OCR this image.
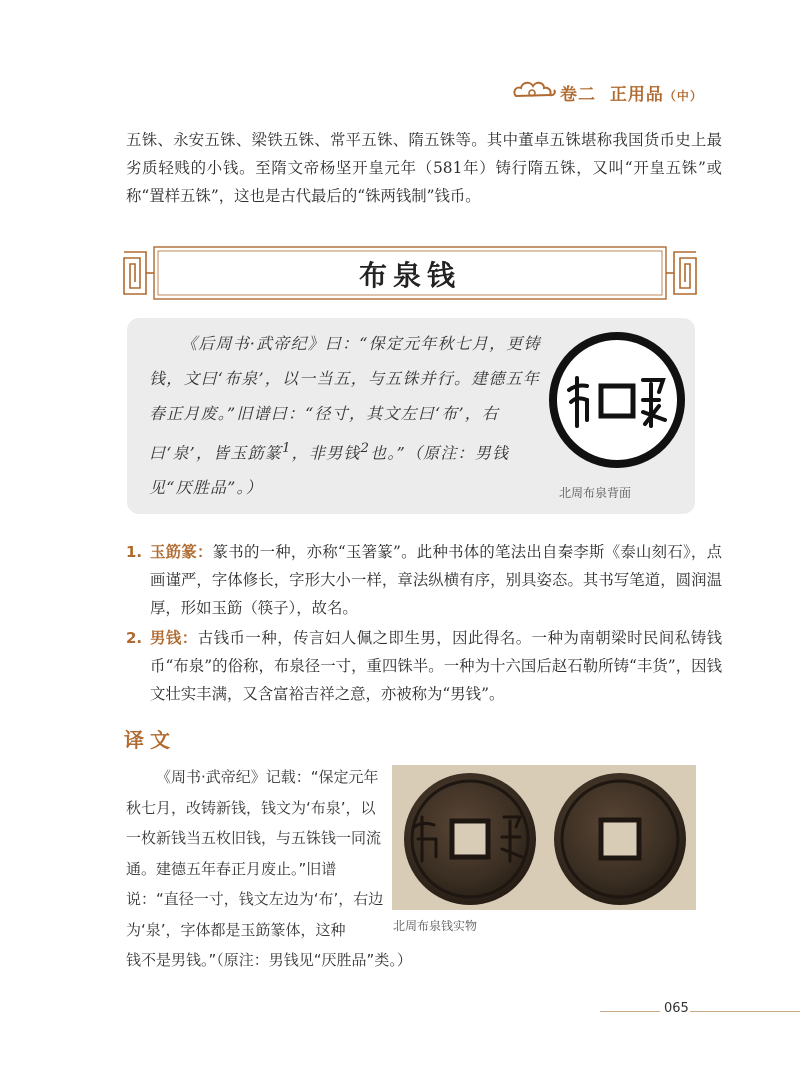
卷二 正用品（中）
五铢、永安五铢、梁铁五铢、常平五铢、隋五铢等。其中董卓五铢堪称我国货币史上最劣质轻贱的小钱。至隋文帝杨坚开皇元年（581年）铸行隋五铢，又叫“开皇五铢”或称“置样五铢”，这也是古代最后的“铢两钱制”钱币。
布泉钱
《后周书·武帝纪》曰：“保定元年秋七月，更铸钱，文曰‘布泉’，以一当五，与五铢并行。建德五年春正月废。”旧谱曰：“径寸，其文左曰‘布’，右曰‘泉’，皆玉筯篆$^1$，非男钱$^2$也。”（原注：男钱见“厌胜品”。）	北周布泉背面
1. 玉筯篆：篆书的一种，亦称“玉箸篆”。此种书体的笔法出自秦李斯《泰山刻石》，点画谨严，字体修长，字形大小一样，章法纵横有序，别具姿态。其书写笔道，圆润温厚，形如玉筯（筷子），故名。
2. 男钱：古钱币一种，传言妇人佩之即生男，因此得名。一种为南朝梁时民间私铸钱币“布泉”的俗称，布泉径一寸，重四铢半。一种为十六国后赵石勒所铸“丰货”，因钱文壮实丰满，又含富裕吉祥之意，亦被称为“男钱”。
译文
《周书·武帝纪》记载：“保定元年秋七月，改铸新钱，钱文为‘布泉’，以一枚新钱当五枚旧钱，与五铢钱一同流通。建德五年春正月废止。”旧谱说：“直径一寸，钱文左边为‘布’，右边为‘泉’，字体都是玉筯篆体，这种
钱不是男钱。”（原注：男钱见“厌胜品”类。）
北周布泉钱实物
065
